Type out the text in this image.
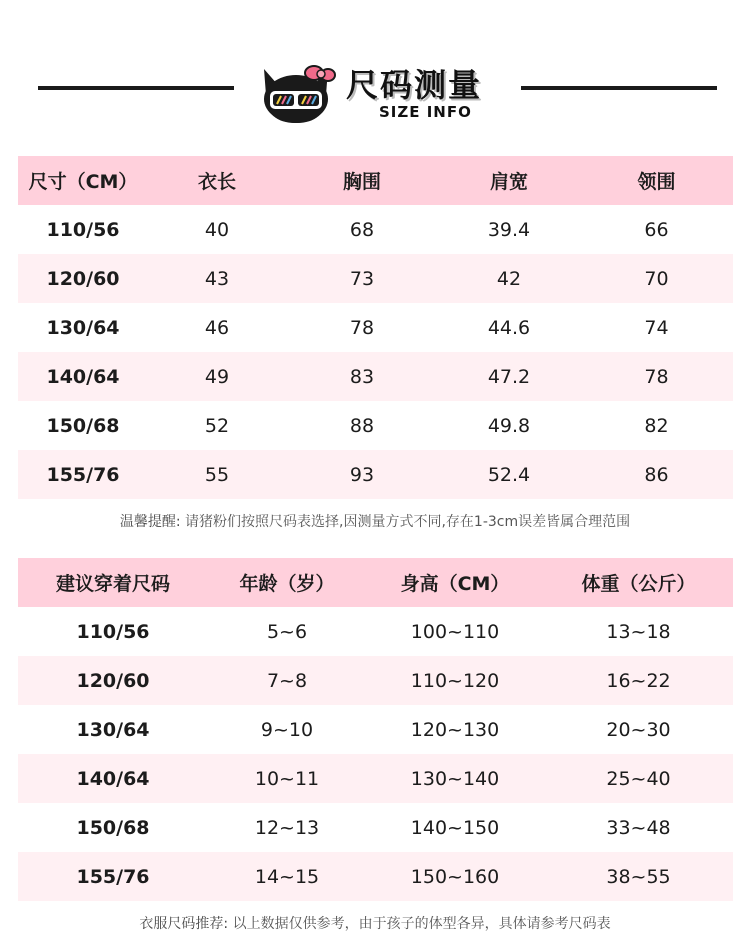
尺码测量
SIZE INFO
尺寸（CM）	衣长	胸围	肩宽	领围
110/56	40	68	39.4	66
120/60	43	73	42	70
130/64	46	78	44.6	74
140/64	49	83	47.2	78
150/68	52	88	49.8	82
155/76	55	93	52.4	86
温馨提醒: 请猪粉们按照尺码表选择,因测量方式不同,存在1-3cm误差皆属合理范围
建议穿着尺码	年龄（岁）	身高（CM）	体重（公斤）
110/56	5~6	100~110	13~18
120/60	7~8	110~120	16~22
130/64	9~10	120~130	20~30
140/64	10~11	130~140	25~40
150/68	12~13	140~150	33~48
155/76	14~15	150~160	38~55
衣服尺码推荐: 以上数据仅供参考，由于孩子的体型各异，具体请参考尺码表
